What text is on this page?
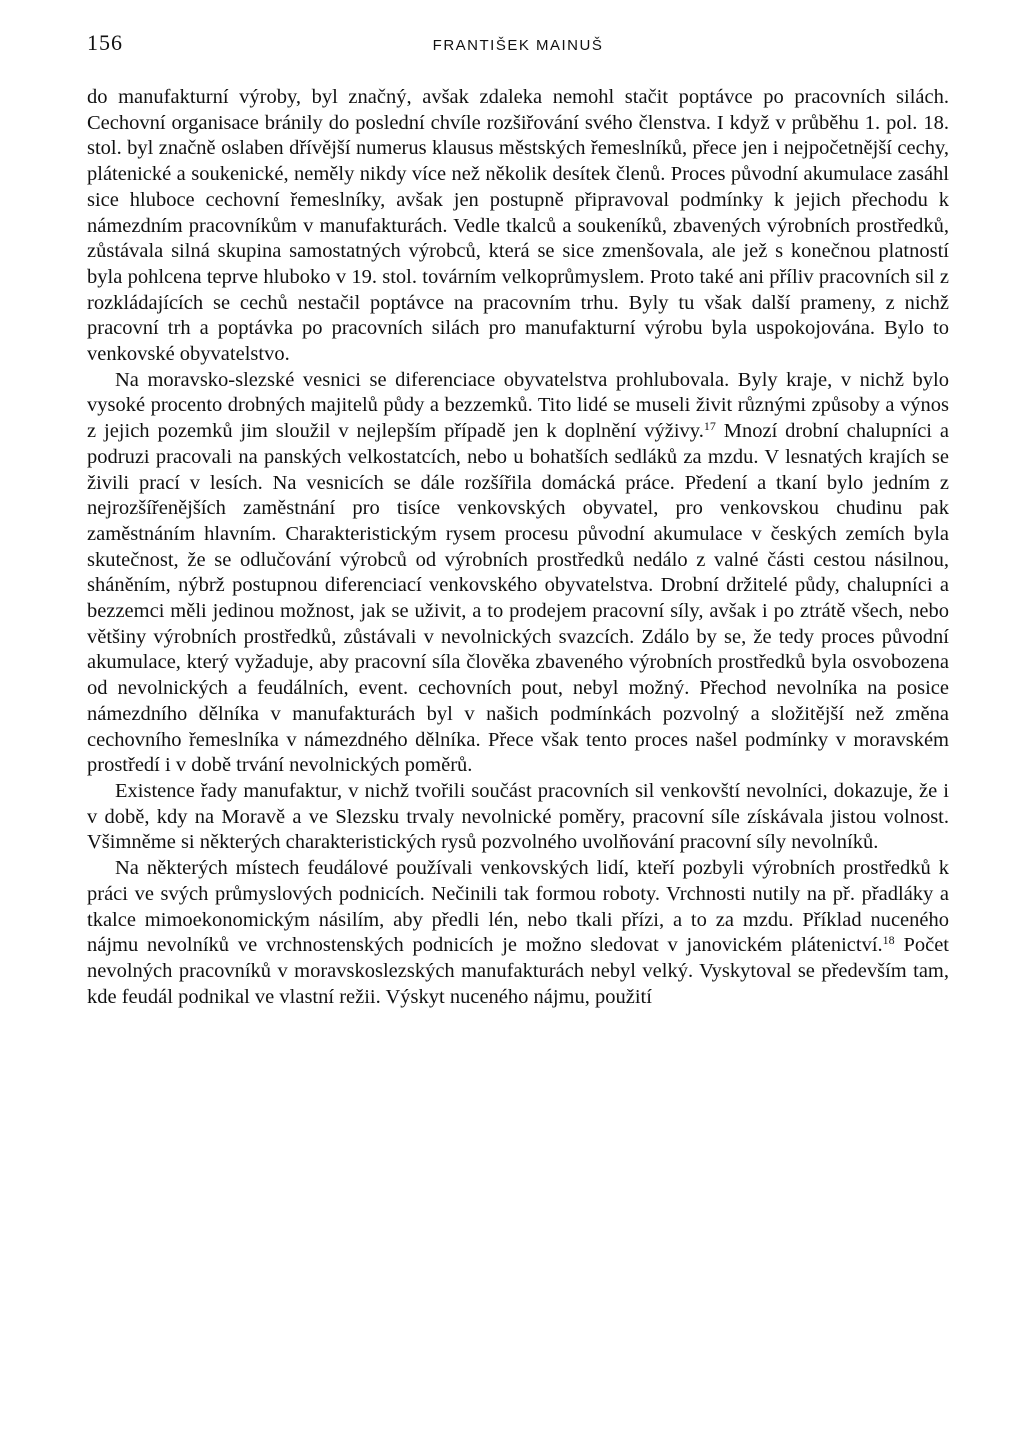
156	FRANTIŠEK MAINUŠ

do manufakturní výroby, byl značný, avšak zdaleka nemohl stačit poptávce po pracovních silách. Cechovní organisace bránily do poslední chvíle rozšiřování svého členstva. I když v průběhu 1. pol. 18. stol. byl značně oslaben dřívější numerus klausus městských řemeslníků, přece jen i nejpočetnější cechy, plátenické a soukenické, neměly nikdy více než několik desítek členů. Proces původní akumulace zasáhl sice hluboce cechovní řemeslníky, avšak jen postupně připravoval podmínky k jejich přechodu k námezdním pracovníkům v manufakturách. Vedle tkalců a soukeníků, zbavených výrobních prostředků, zůstávala silná skupina samostatných výrobců, která se sice zmenšovala, ale jež s konečnou platností byla pohlcena teprve hluboko v 19. stol. továrním velkoprůmyslem. Proto také ani příliv pracovních sil z rozkládajících se cechů nestačil poptávce na pracovním trhu. Byly tu však další prameny, z nichž pracovní trh a poptávka po pracovních silách pro manufakturní výrobu byla uspokojována. Bylo to venkovské obyvatelstvo.

Na moravsko-slezské vesnici se diferenciace obyvatelstva prohlubovala. Byly kraje, v nichž bylo vysoké procento drobných majitelů půdy a bezzemků. Tito lidé se museli živit různými způsoby a výnos z jejich pozemků jim sloužil v nejlepším případě jen k doplnění výživy.$^{17}$ Mnozí drobní chalupníci a podruzi pracovali na panských velkostatcích, nebo u bohatších sedláků za mzdu. V lesnatých krajích se živili prací v lesích. Na vesnicích se dále rozšířila domácká práce. Předení a tkaní bylo jedním z nejrozšířenějších zaměstnání pro tisíce venkovských obyvatel, pro venkovskou chudinu pak zaměstnáním hlavním. Charakteristickým rysem procesu původní akumulace v českých zemích byla skutečnost, že se odlučování výrobců od výrobních prostředků nedálo z valné části cestou násilnou, sháněním, nýbrž postupnou diferenciací venkovského obyvatelstva. Drobní držitelé půdy, chalupníci a bezzemci měli jedinou možnost, jak se uživit, a to prodejem pracovní síly, avšak i po ztrátě všech, nebo většiny výrobních prostředků, zůstávali v nevolnických svazcích. Zdálo by se, že tedy proces původní akumulace, který vyžaduje, aby pracovní síla člověka zbaveného výrobních prostředků byla osvobozena od nevolnických a feudálních, event. cechovních pout, nebyl možný. Přechod nevolníka na posice námezdního dělníka v manufakturách byl v našich podmínkách pozvolný a složitější než změna cechovního řemeslníka v námezdného dělníka. Přece však tento proces našel podmínky v moravském prostředí i v době trvání nevolnických poměrů.

Existence řady manufaktur, v nichž tvořili součást pracovních sil venkovští nevolníci, dokazuje, že i v době, kdy na Moravě a ve Slezsku trvaly nevolnické poměry, pracovní síle získávala jistou volnost. Všimněme si některých charakteristických rysů pozvolného uvolňování pracovní síly nevolníků.

Na některých místech feudálové používali venkovských lidí, kteří pozbyli výrobních prostředků k práci ve svých průmyslových podnicích. Nečinili tak formou roboty. Vrchnosti nutily na př. přadláky a tkalce mimoekonomickým násilím, aby předli lén, nebo tkali přízi, a to za mzdu. Příklad nuceného nájmu nevolníků ve vrchnostenských podnicích je možno sledovat v janovickém plátenictví.$^{18}$ Počet nevolných pracovníků v moravskoslezských manufakturách nebyl velký. Vyskytoval se především tam, kde feudál podnikal ve vlastní režii. Výskyt nuceného nájmu, použití
